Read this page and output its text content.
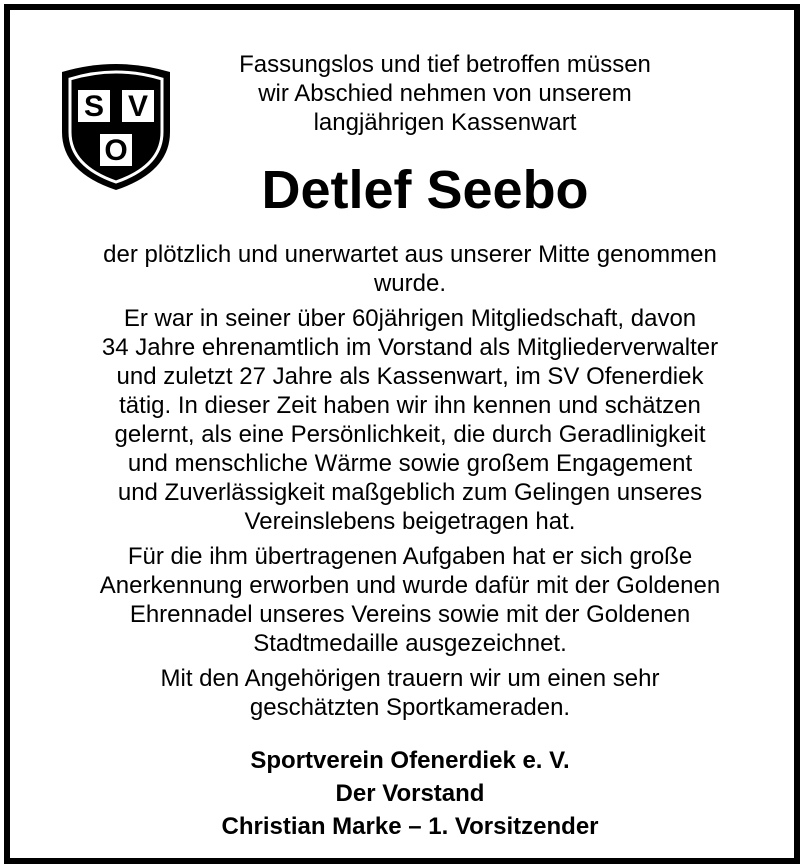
S V
O
Fassungslos und tief betroffen müssen
wir Abschied nehmen von unserem
langjährigen Kassenwart
Detlef Seebo

der plötzlich und unerwartet aus unserer Mitte genommen
wurde.

Er war in seiner über 60jährigen Mitgliedschaft, davon
34 Jahre ehrenamtlich im Vorstand als Mitgliederverwalter
und zuletzt 27 Jahre als Kassenwart, im SV Ofenerdiek
tätig. In dieser Zeit haben wir ihn kennen und schätzen
gelernt, als eine Persönlichkeit, die durch Geradlinigkeit
und menschliche Wärme sowie großem Engagement
und Zuverlässigkeit maßgeblich zum Gelingen unseres
Vereinslebens beigetragen hat.

Für die ihm übertragenen Aufgaben hat er sich große
Anerkennung erworben und wurde dafür mit der Goldenen
Ehrennadel unseres Vereins sowie mit der Goldenen
Stadtmedaille ausgezeichnet.

Mit den Angehörigen trauern wir um einen sehr
geschätzten Sportkameraden.

Sportverein Ofenerdiek e. V.
Der Vorstand
Christian Marke – 1. Vorsitzender
